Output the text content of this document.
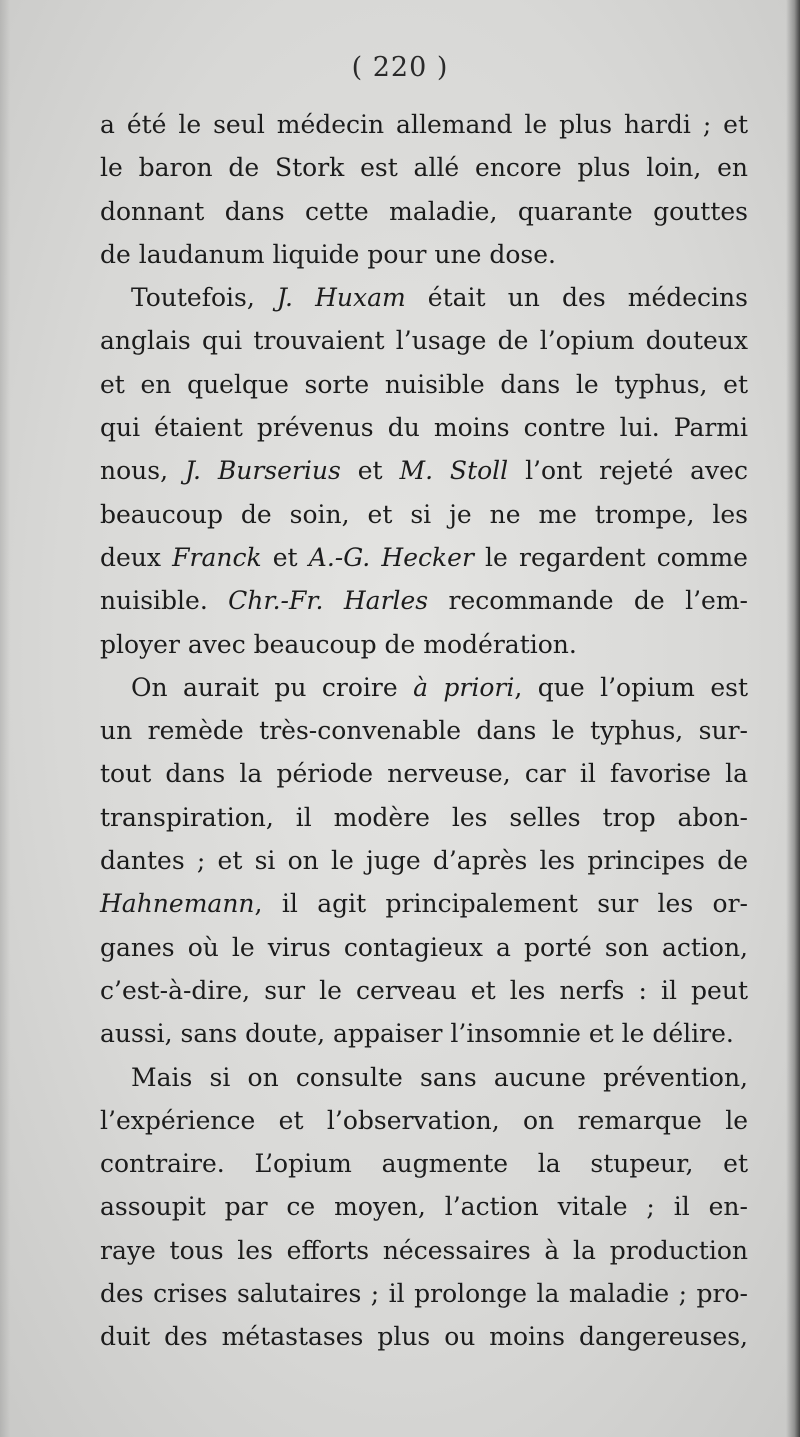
( 220 )
a été le seul médecin allemand le plus hardi ; et
le baron de Stork est allé encore plus loin, en
donnant dans cette maladie, quarante gouttes
de laudanum liquide pour une dose.
Toutefois, J. Huxam était un des médecins
anglais qui trouvaient l’usage de l’opium douteux
et en quelque sorte nuisible dans le typhus, et
qui étaient prévenus du moins contre lui. Parmi
nous, J. Burserius et M. Stoll l’ont rejeté avec
beaucoup de soin, et si je ne me trompe, les
deux Franck et A.-G. Hecker le regardent comme
nuisible. Chr.-Fr. Harles recommande de l’em-
ployer avec beaucoup de modération.
On aurait pu croire à priori, que l’opium est
un remède très-convenable dans le typhus, sur-
tout dans la période nerveuse, car il favorise la
transpiration, il modère les selles trop abon-
dantes ; et si on le juge d’après les principes de
Hahnemann, il agit principalement sur les or-
ganes où le virus contagieux a porté son action,
c’est-à-dire, sur le cerveau et les nerfs : il peut
aussi, sans doute, appaiser l’insomnie et le délire.
Mais si on consulte sans aucune prévention,
l’expérience et l’observation, on remarque le
contraire. L’opium augmente la stupeur, et
assoupit par ce moyen, l’action vitale ; il en-
raye tous les efforts nécessaires à la production
des crises salutaires ; il prolonge la maladie ; pro-
duit des métastases plus ou moins dangereuses,
